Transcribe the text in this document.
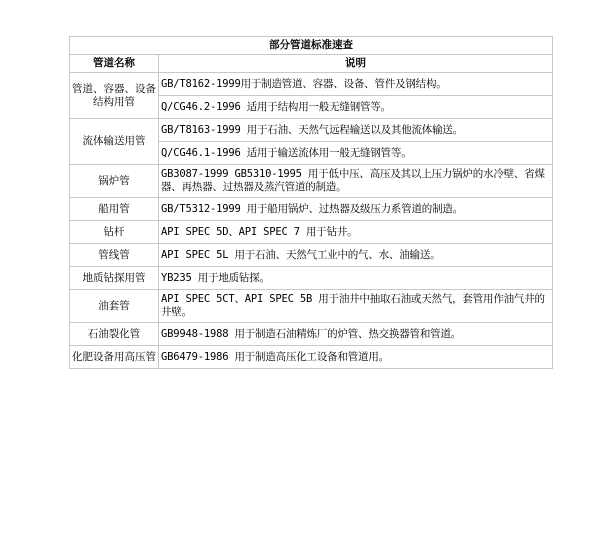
部分管道标准速查	
管道名称	说明
管道、容器、设备结构用管	GB/T8162-1999用于制造管道、容器、设备、管件及钢结构。
	Q/CG46.2-1996 适用于结构用一般无缝钢管等。
流体输送用管	GB/T8163-1999 用于石油、天然气远程输送以及其他流体输送。
	Q/CG46.1-1996 适用于输送流体用一般无缝钢管等。
锅炉管	GB3087-1999 GB5310-1995 用于低中压、高压及其以上压力锅炉的水冷壁、省煤器、再热器、过热器及蒸汽管道的制造。
船用管	GB/T5312-1999 用于船用锅炉、过热器及级压力系管道的制造。
钻杆	API SPEC 5D、API SPEC 7 用于钻井。
管线管	API SPEC 5L 用于石油、天然气工业中的气、水、油输送。
地质钻探用管	YB235 用于地质钻探。
油套管	API SPEC 5CT、API SPEC 5B 用于油井中抽取石油或天然气，套管用作油气井的井壁。
石油裂化管	GB9948-1988 用于制造石油精炼厂的炉管、热交换器管和管道。
化肥设备用高压管	GB6479-1986 用于制造高压化工设备和管道用。
